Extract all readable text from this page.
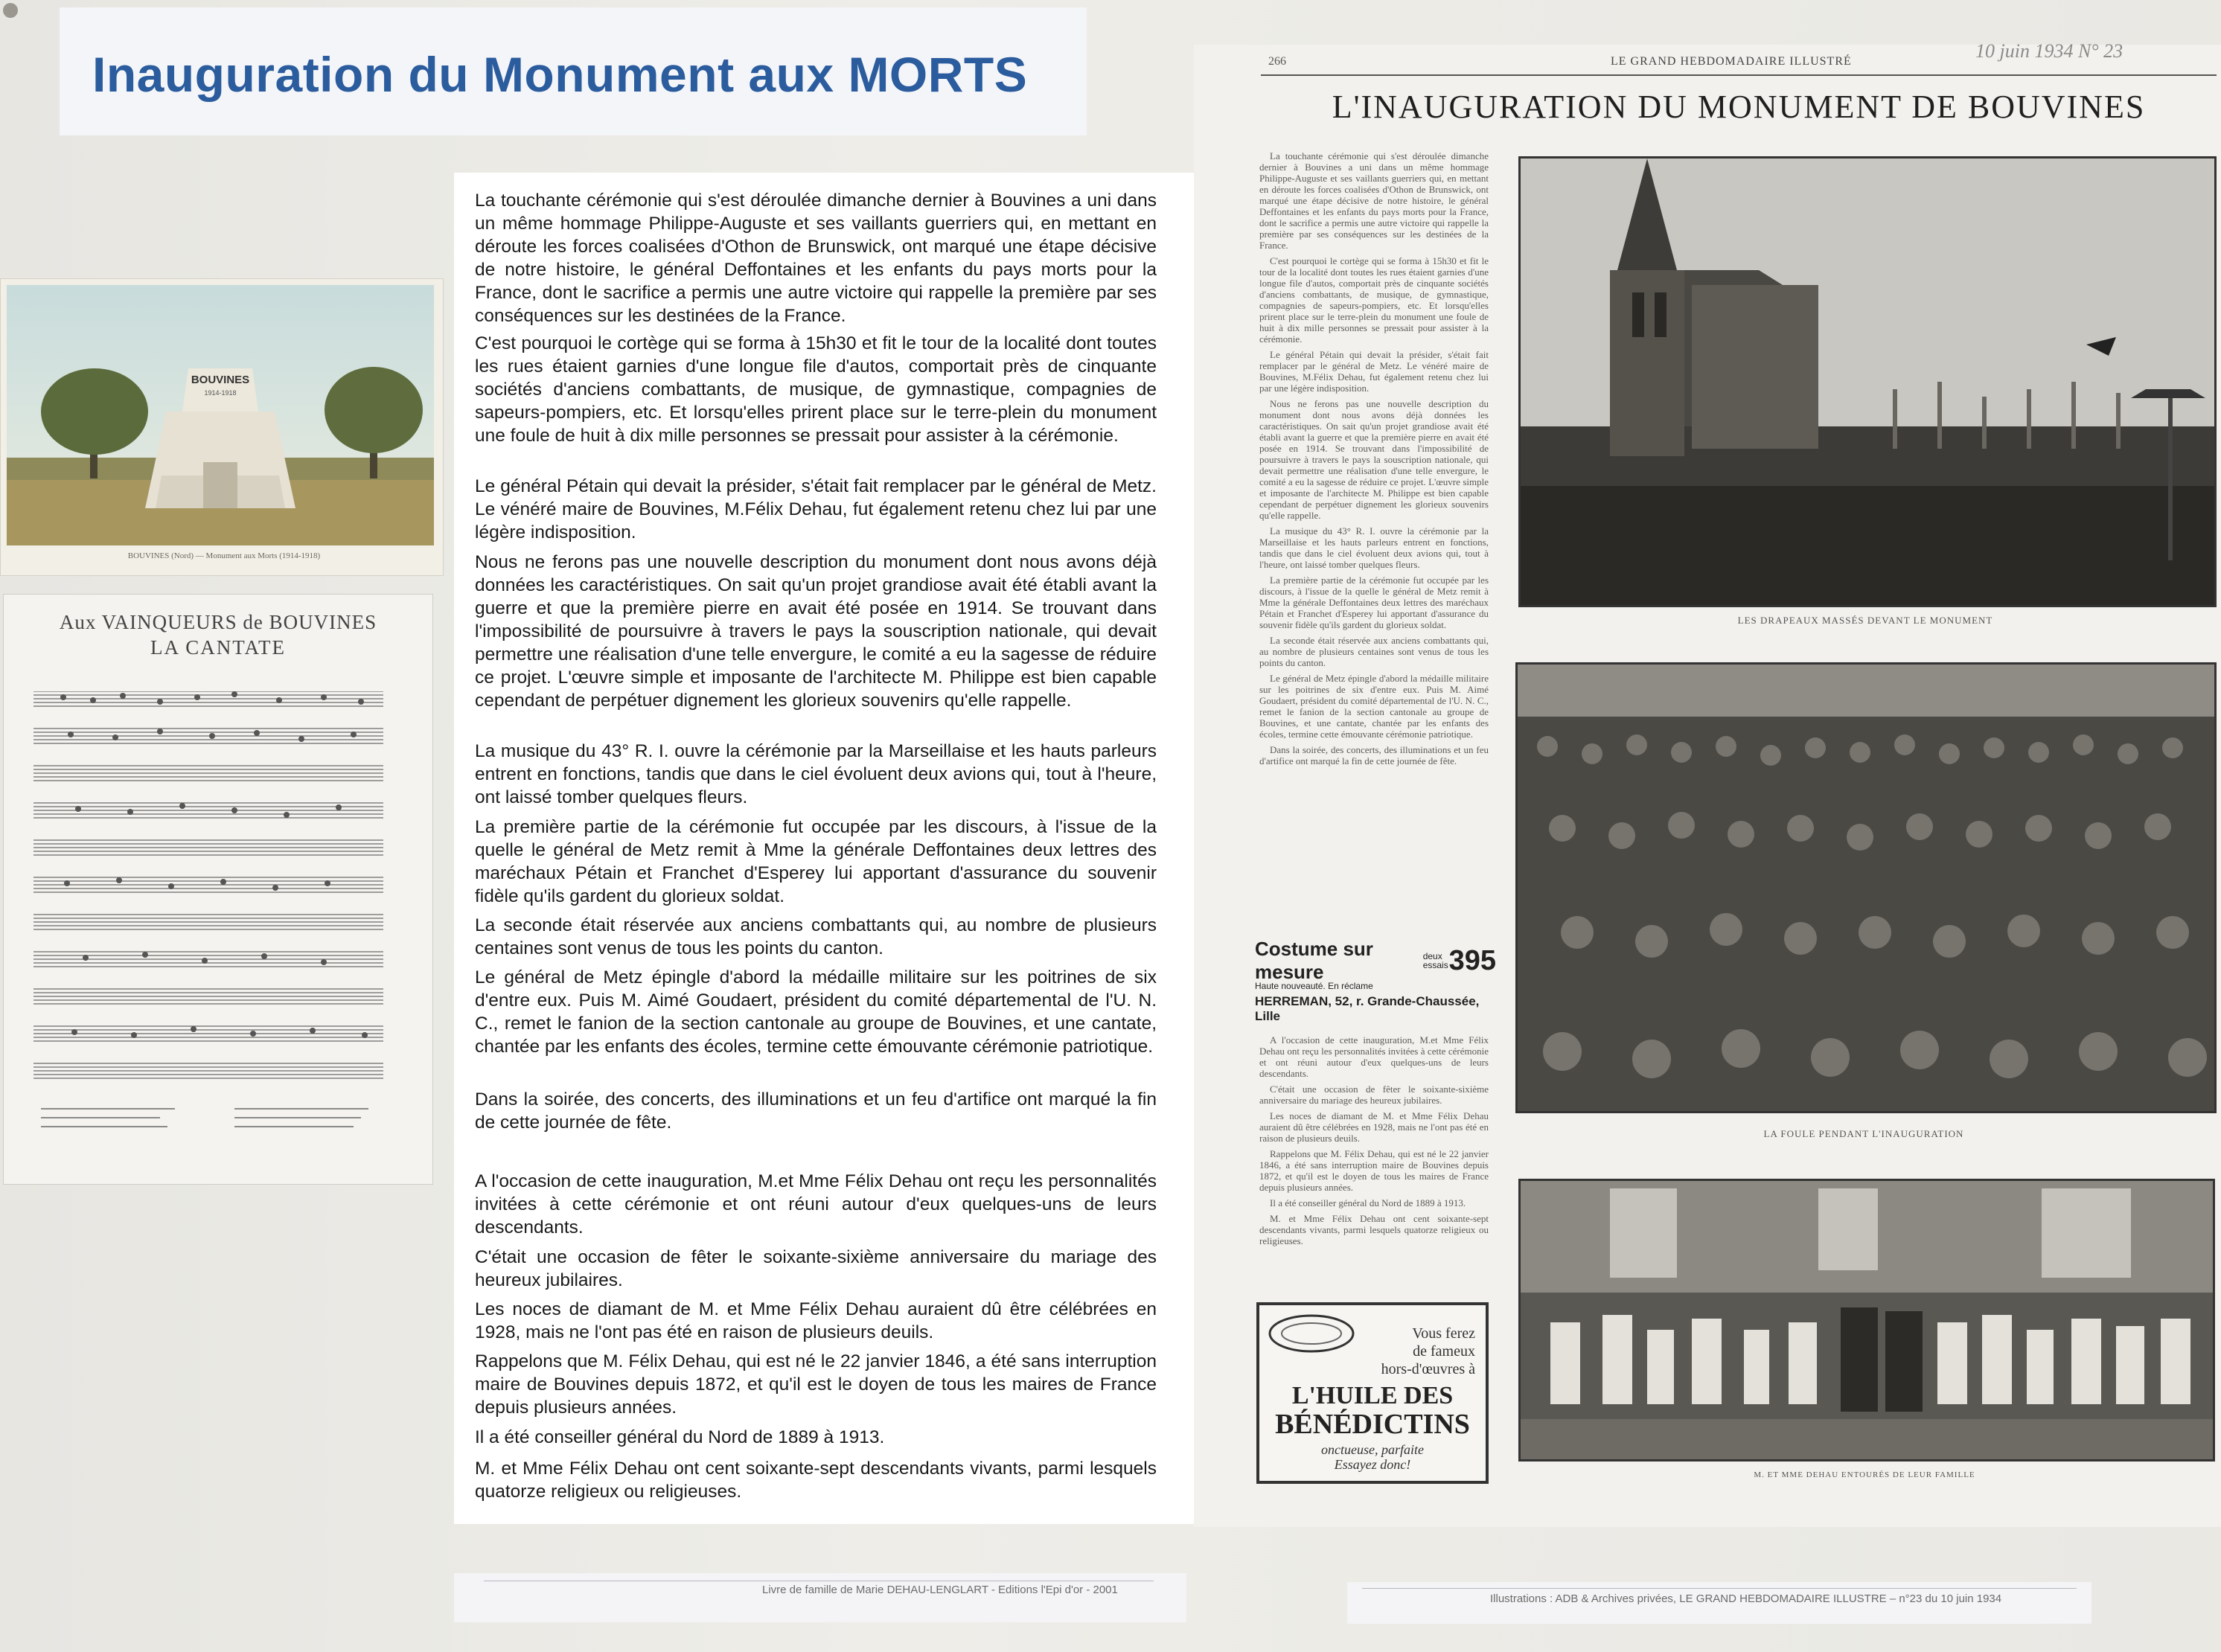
Inauguration du Monument aux MORTS
BOUVINES
1914-1918
BOUVINES (Nord) — Monument aux Morts (1914-1918)
Aux VAINQUEURS de BOUVINES
LA CANTATE

La touchante cérémonie qui s'est déroulée dimanche dernier à Bouvines a uni dans un même hommage Philippe-Auguste et ses vaillants guerriers qui, en mettant en déroute les forces coalisées d'Othon de Brunswick, ont marqué une étape décisive de notre histoire, le général Deffontaines et les enfants du pays morts pour la France, dont le sacrifice a permis une autre victoire qui rappelle la première par ses conséquences sur les destinées de la France.

C'est pourquoi le cortège qui se forma à 15h30 et fit le tour de la localité dont toutes les rues étaient garnies d'une longue file d'autos, comportait près de cinquante sociétés d'anciens combattants, de musique, de gymnastique, compagnies de sapeurs-pompiers, etc. Et lorsqu'elles prirent place sur le terre-plein du monument une foule de huit à dix mille personnes se pressait pour assister à la cérémonie.

Le général Pétain qui devait la présider, s'était fait remplacer par le général de Metz. Le vénéré maire de Bouvines, M.Félix Dehau, fut également retenu chez lui par une légère indisposition.

Nous ne ferons pas une nouvelle description du monument dont nous avons déjà données les caractéristiques. On sait qu'un projet grandiose avait été établi avant la guerre et que la première pierre en avait été posée en 1914. Se trouvant dans l'impossibilité de poursuivre à travers le pays la souscription nationale, qui devait permettre une réalisation d'une telle envergure, le comité a eu la sagesse de réduire ce projet. L'œuvre simple et imposante de l'architecte M. Philippe est bien capable cependant de perpétuer dignement les glorieux souvenirs qu'elle rappelle.

La musique du 43° R. I. ouvre la cérémonie par la Marseillaise et les hauts parleurs entrent en fonctions, tandis que dans le ciel évoluent deux avions qui, tout à l'heure, ont laissé tomber quelques fleurs.

La première partie de la cérémonie fut occupée par les discours, à l'issue de la quelle le général de Metz remit à Mme la générale Deffontaines deux lettres des maréchaux Pétain et Franchet d'Esperey lui apportant d'assurance du souvenir fidèle qu'ils gardent du glorieux soldat.

La seconde était réservée aux anciens combattants qui, au nombre de plusieurs centaines sont venus de tous les points du canton.

Le général de Metz épingle d'abord la médaille militaire sur les poitrines de six d'entre eux. Puis M. Aimé Goudaert, président du comité départemental de l'U. N. C., remet le fanion de la section cantonale au groupe de Bouvines, et une cantate, chantée par les enfants des écoles, termine cette émouvante cérémonie patriotique.

Dans la soirée, des concerts, des illuminations et un feu d'artifice ont marqué la fin de cette journée de fête.

A l'occasion de cette inauguration, M.et Mme Félix Dehau ont reçu les personnalités invitées à cette cérémonie et ont réuni autour d'eux quelques-uns de leurs descendants.

C'était une occasion de fêter le soixante-sixième anniversaire du mariage des heureux jubilaires.

Les noces de diamant de M. et Mme Félix Dehau auraient dû être célébrées en 1928, mais ne l'ont pas été en raison de plusieurs deuils.

Rappelons que M. Félix Dehau, qui est né le 22 janvier 1846, a été sans interruption maire de Bouvines depuis 1872, et qu'il est le doyen de tous les maires de France depuis plusieurs années.

Il a été conseiller général du Nord de 1889 à 1913.

M. et Mme Félix Dehau ont cent soixante-sept descendants vivants, parmi lesquels quatorze religieux ou religieuses.

266	LE GRAND HEBDOMADAIRE ILLUSTRÉ	10 juin 1934 N° 23
L'INAUGURATION DU MONUMENT DE BOUVINES

La touchante cérémonie qui s'est déroulée dimanche dernier à Bouvines a uni dans un même hommage Philippe-Auguste et ses vaillants guerriers qui, en mettant en déroute les forces coalisées d'Othon de Brunswick, ont marqué une étape décisive de notre histoire, le général Deffontaines et les enfants du pays morts pour la France, dont le sacrifice a permis une autre victoire qui rappelle la première par ses conséquences sur les destinées de la France.
C'est pourquoi le cortège qui se forma à 15h30 et fit le tour de la localité dont toutes les rues étaient garnies d'une longue file d'autos, comportait près de cinquante sociétés d'anciens combattants, de musique, de gymnastique, compagnies de sapeurs-pompiers, etc. Et lorsqu'elles prirent place sur le terre-plein du monument une foule de huit à dix mille personnes se pressait pour assister à la cérémonie.
Le général Pétain qui devait la présider, s'était fait remplacer par le général de Metz. Le vénéré maire de Bouvines, M.Félix Dehau, fut également retenu chez lui par une légère indisposition.
Nous ne ferons pas une nouvelle description du monument dont nous avons déjà données les caractéristiques. On sait qu'un projet grandiose avait été établi avant la guerre et que la première pierre en avait été posée en 1914. Se trouvant dans l'impossibilité de poursuivre à travers le pays la souscription nationale, qui devait permettre une réalisation d'une telle envergure, le comité a eu la sagesse de réduire ce projet. L'œuvre simple et imposante de l'architecte M. Philippe est bien capable cependant de perpétuer dignement les glorieux souvenirs qu'elle rappelle.
La musique du 43° R. I. ouvre la cérémonie par la Marseillaise et les hauts parleurs entrent en fonctions, tandis que dans le ciel évoluent deux avions qui, tout à l'heure, ont laissé tomber quelques fleurs.
La première partie de la cérémonie fut occupée par les discours, à l'issue de la quelle le général de Metz remit à Mme la générale Deffontaines deux lettres des maréchaux Pétain et Franchet d'Esperey lui apportant d'assurance du souvenir fidèle qu'ils gardent du glorieux soldat.
La seconde était réservée aux anciens combattants qui, au nombre de plusieurs centaines sont venus de tous les points du canton.
Le général de Metz épingle d'abord la médaille militaire sur les poitrines de six d'entre eux. Puis M. Aimé Goudaert, président du comité départemental de l'U. N. C., remet le fanion de la section cantonale au groupe de Bouvines, et une cantate, chantée par les enfants des écoles, termine cette émouvante cérémonie patriotique.
Dans la soirée, des concerts, des illuminations et un feu d'artifice ont marqué la fin de cette journée de fête.

Costume sur mesure
deux essais 395
Haute nouveauté. En réclame
HERREMAN, 52, r. Grande-Chaussée, Lille

A l'occasion de cette inauguration, M.et Mme Félix Dehau ont reçu les personnalités invitées à cette cérémonie et ont réuni autour d'eux quelques-uns de leurs descendants.
C'était une occasion de fêter le soixante-sixième anniversaire du mariage des heureux jubilaires.
Les noces de diamant de M. et Mme Félix Dehau auraient dû être célébrées en 1928, mais ne l'ont pas été en raison de plusieurs deuils.
Rappelons que M. Félix Dehau, qui est né le 22 janvier 1846, a été sans interruption maire de Bouvines depuis 1872, et qu'il est le doyen de tous les maires de France depuis plusieurs années.
Il a été conseiller général du Nord de 1889 à 1913.
M. et Mme Félix Dehau ont cent soixante-sept descendants vivants, parmi lesquels quatorze religieux ou religieuses.

Vous ferez
de fameux
hors-d'œuvres à
L'HUILE DES
BÉNÉDICTINS
onctueuse, parfaite
Essayez donc!
LES DRAPEAUX MASSÉS DEVANT LE MONUMENT
LA FOULE PENDANT L'INAUGURATION
M. ET MME DEHAU ENTOURÉS DE LEUR FAMILLE
Livre de famille de Marie DEHAU-LENGLART - Editions l'Epi d'or - 2001
Illustrations : ADB & Archives privées, LE GRAND HEBDOMADAIRE ILLUSTRE – n°23 du 10 juin 1934
